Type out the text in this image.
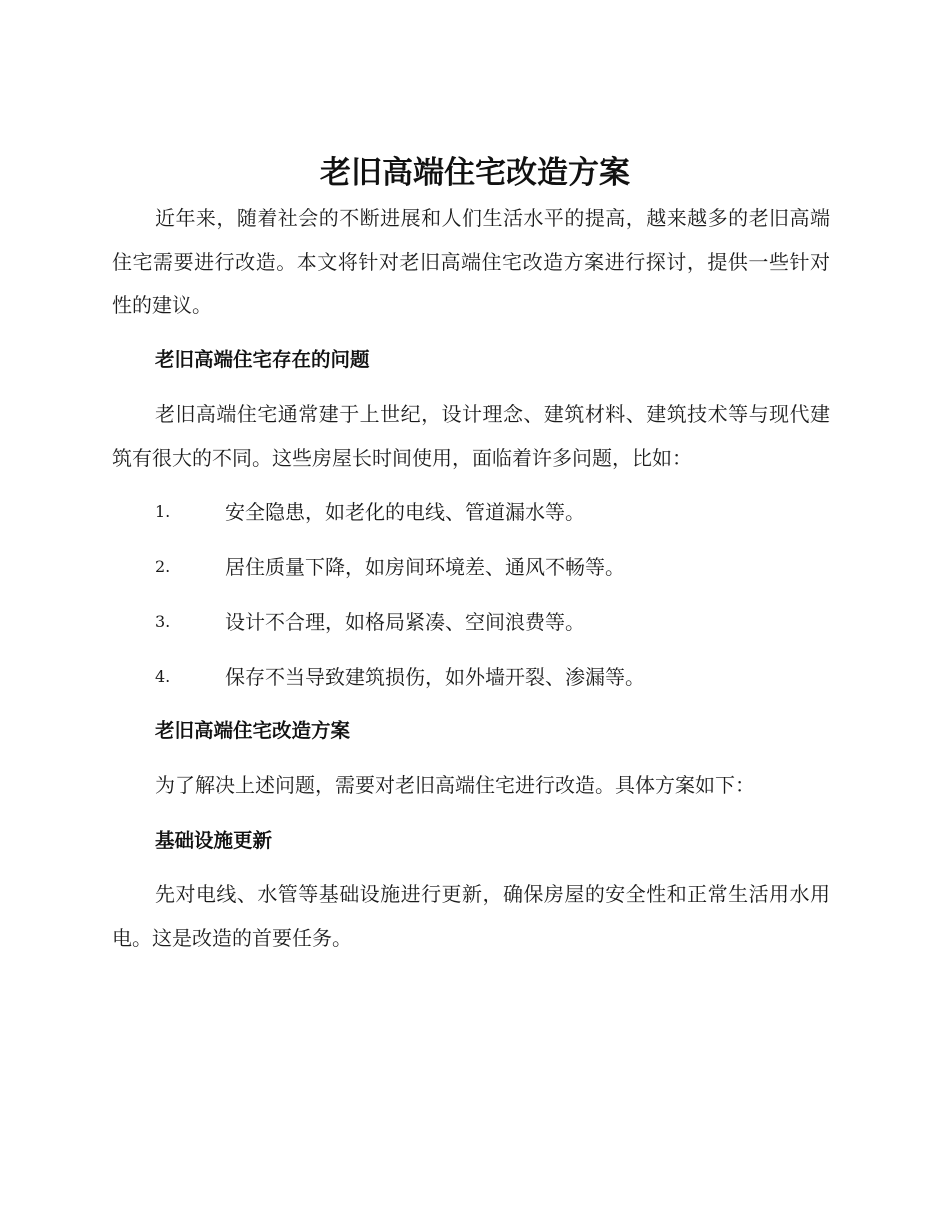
老旧高端住宅改造方案

近年来，随着社会的不断进展和人们生活水平的提高，越来越多的老旧高端住宅需要进行改造。本文将针对老旧高端住宅改造方案进行探讨，提供一些针对性的建议。

老旧高端住宅存在的问题

老旧高端住宅通常建于上世纪，设计理念、建筑材料、建筑技术等与现代建筑有很大的不同。这些房屋长时间使用，面临着许多问题，比如：

1.	安全隐患，如老化的电线、管道漏水等。
2.	居住质量下降，如房间环境差、通风不畅等。
3.	设计不合理，如格局紧凑、空间浪费等。
4.	保存不当导致建筑损伤，如外墙开裂、渗漏等。
老旧高端住宅改造方案

为了解决上述问题，需要对老旧高端住宅进行改造。具体方案如下：

基础设施更新

先对电线、水管等基础设施进行更新，确保房屋的安全性和正常生活用水用电。这是改造的首要任务。
